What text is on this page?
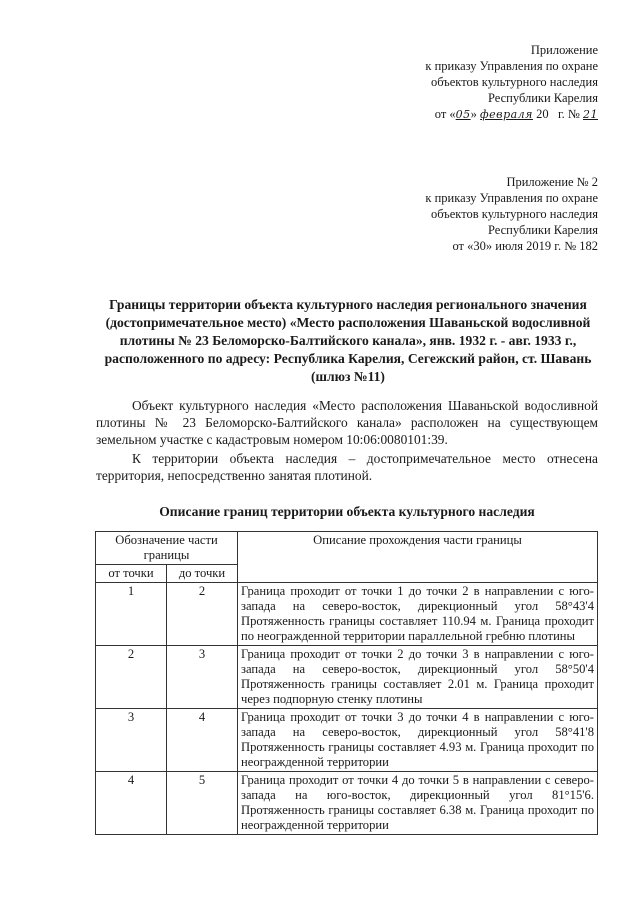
Приложение
к приказу Управления по охране
объектов культурного наследия
Республики Карелия
от «05» февраля 20 г. № 21
Приложение № 2
к приказу Управления по охране
объектов культурного наследия
Республики Карелия
от «30» июля 2019 г. № 182
Границы территории объекта культурного наследия регионального значения (достопримечательное место) «Место расположения Шаваньской водосливной плотины № 23 Беломорско-Балтийского канала», янв. 1932 г. - авг. 1933 г., расположенного по адресу: Республика Карелия, Сегежский район, ст. Шавань (шлюз №11)
Объект культурного наследия «Место расположения Шаваньской водосливной плотины № 23 Беломорско-Балтийского канала» расположен на существующем земельном участке с кадастровым номером 10:06:0080101:39.
К территории объекта наследия – достопримечательное место отнесена территория, непосредственно занятая плотиной.
Описание границ территории объекта культурного наследия
Обозначение части границы		Описание прохождения части границы
от точки	до точки	
1	2	Граница проходит от точки 1 до точки 2 в направлении с юго-запада на северо-восток, дирекционный угол 58°43'4 Протяженность границы составляет 110.94 м. Граница проходит по неогражденной территории параллельной гребню плотины
2	3	Граница проходит от точки 2 до точки 3 в направлении с юго-запада на северо-восток, дирекционный угол 58°50'4 Протяженность границы составляет 2.01 м. Граница проходит через подпорную стенку плотины
3	4	Граница проходит от точки 3 до точки 4 в направлении с юго-запада на северо-восток, дирекционный угол 58°41'8 Протяженность границы составляет 4.93 м. Граница проходит по неогражденной территории
4	5	Граница проходит от точки 4 до точки 5 в направлении с северо-запада на юго-восток, дирекционный угол 81°15'6. Протяженность границы составляет 6.38 м. Граница проходит по неогражденной территории
